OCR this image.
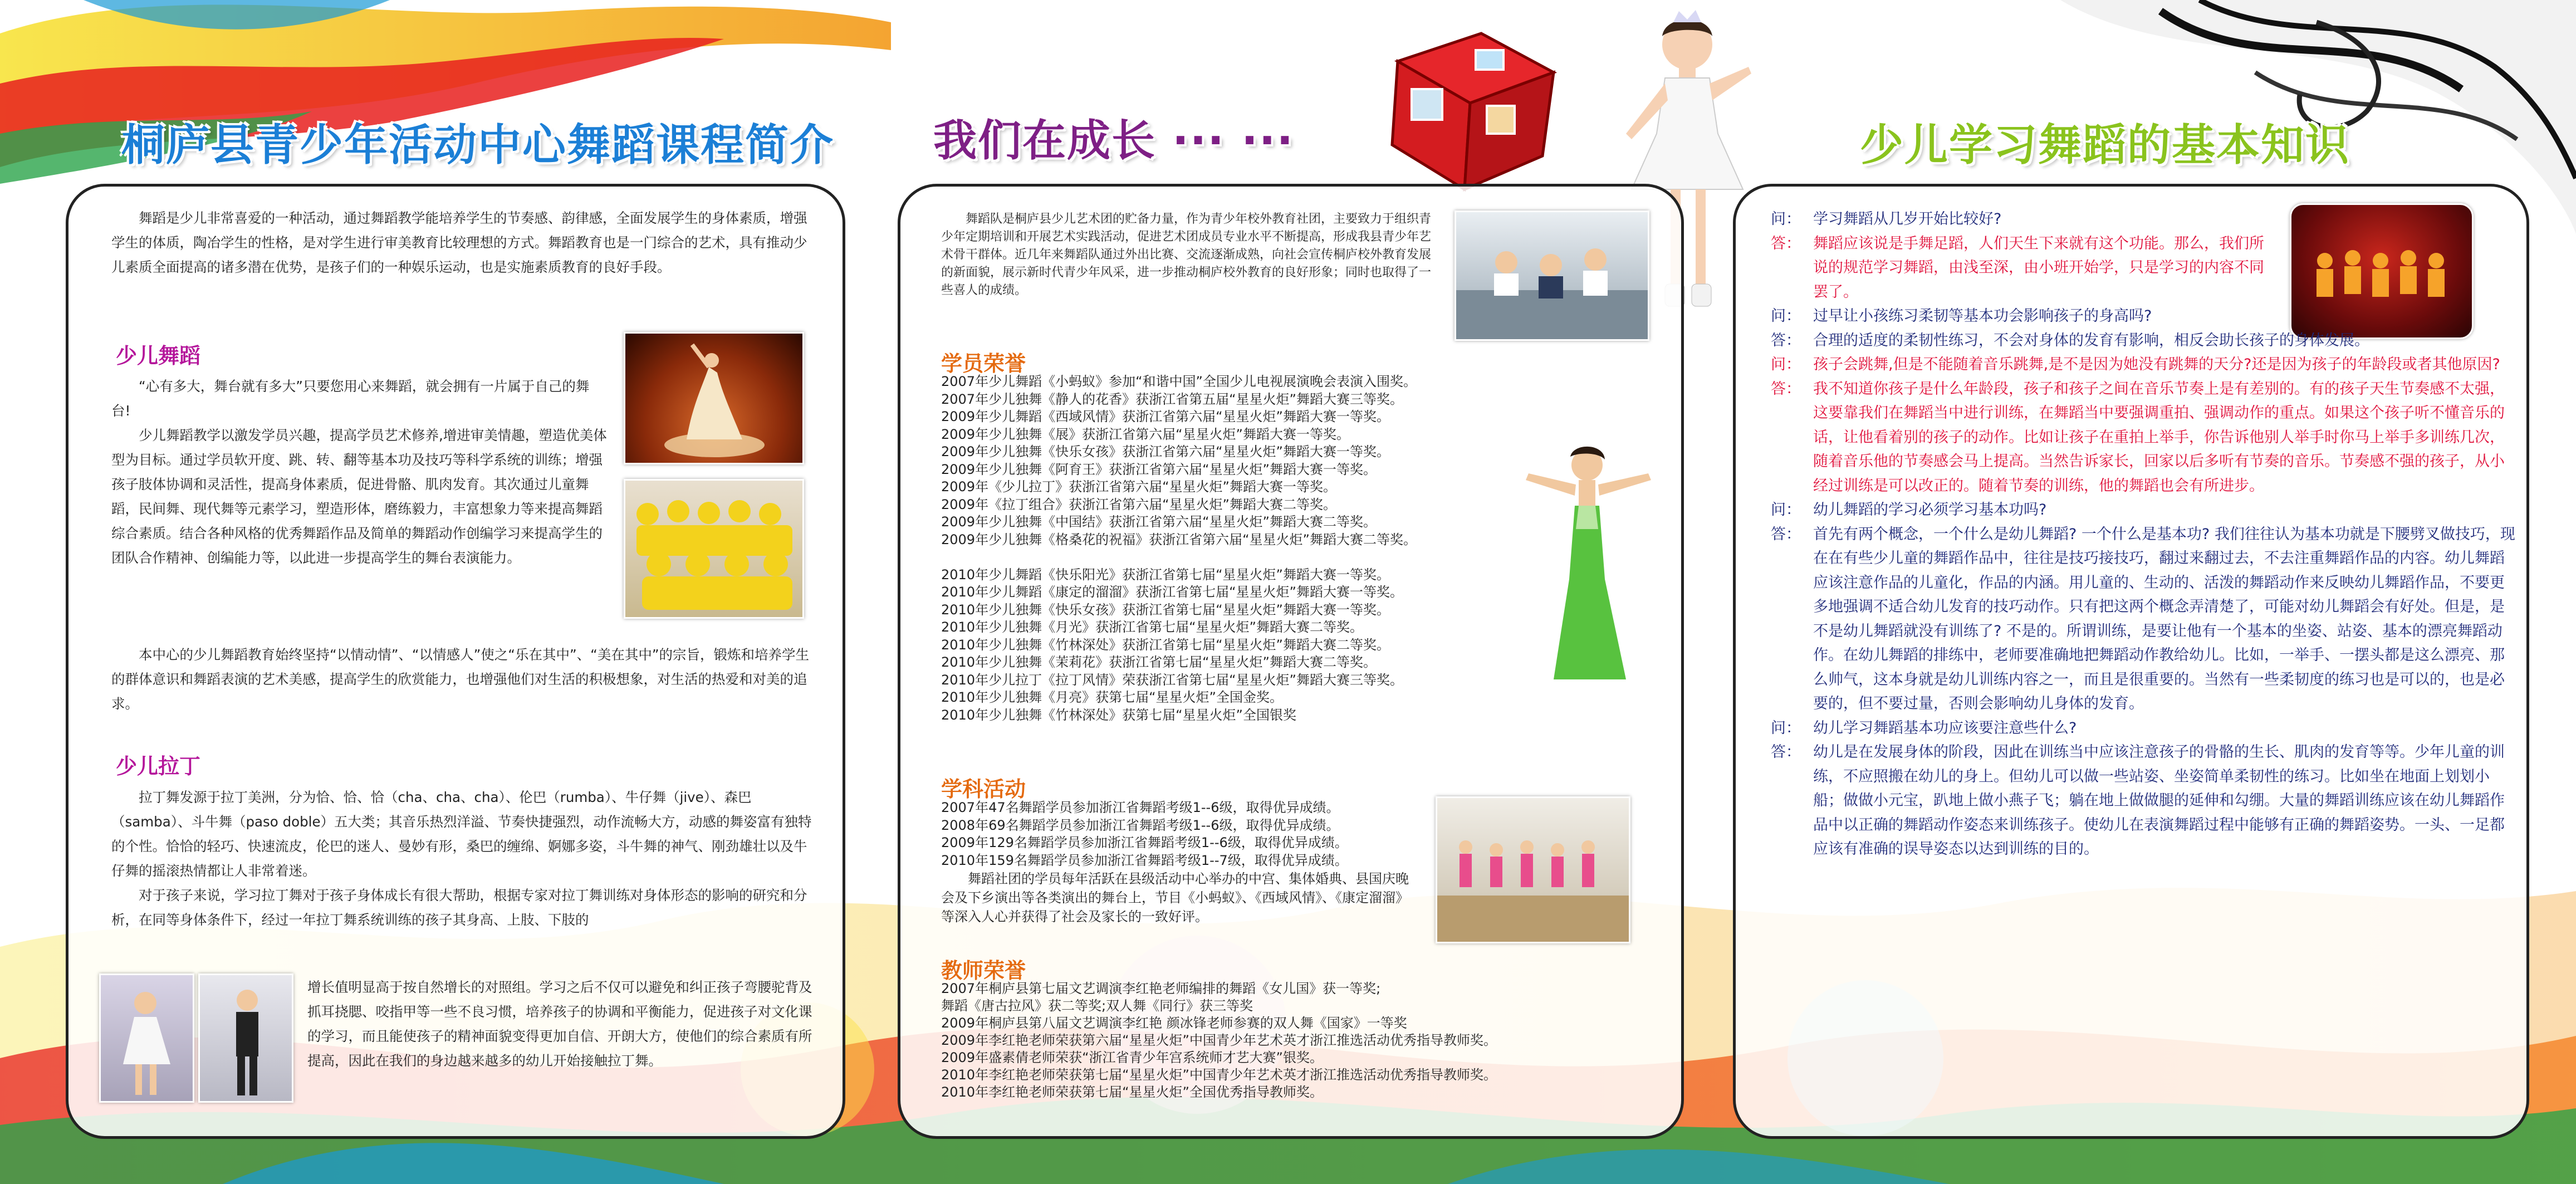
桐庐县青少年活动中心舞蹈课程简介 我们在成长 ··· ···	少儿学习舞蹈的基本知识

舞蹈是少儿非常喜爱的一种活动，通过舞蹈教学能培养学生的节奏感、韵律感，全面发展学生的身体素质，增强学生的体质，陶冶学生的性格，是对学生进行审美教育比较理想的方式。舞蹈教育也是一门综合的艺术，具有推动少儿素质全面提高的诸多潜在优势，是孩子们的一种娱乐运动，也是实施素质教育的良好手段。

少儿舞蹈

“心有多大，舞台就有多大”只要您用心来舞蹈，就会拥有一片属于自己的舞台!

少儿舞蹈教学以激发学员兴趣，提高学员艺术修养,增进审美情趣，塑造优美体型为目标。通过学员软开度、跳、转、翻等基本功及技巧等科学系统的训练；增强孩子肢体协调和灵活性，提高身体素质，促进骨骼、肌肉发育。其次通过儿童舞蹈，民间舞、现代舞等元素学习，塑造形体，磨练毅力，丰富想象力等来提高舞蹈综合素质。结合各种风格的优秀舞蹈作品及简单的舞蹈动作创编学习来提高学生的团队合作精神、创编能力等，以此进一步提高学生的舞台表演能力。

本中心的少儿舞蹈教育始终坚持“以情动情”、“以情感人”使之“乐在其中”、“美在其中”的宗旨，锻炼和培养学生的群体意识和舞蹈表演的艺术美感，提高学生的欣赏能力，也增强他们对生活的积极想象，对生活的热爱和对美的追求。

少儿拉丁

拉丁舞发源于拉丁美洲，分为恰、恰、恰（cha、cha、cha）、伦巴（rumba）、牛仔舞（jive）、森巴（samba）、斗牛舞（paso doble）五大类；其音乐热烈洋溢、节奏快捷强烈，动作流畅大方，动感的舞姿富有独特的个性。恰恰的轻巧、快速流皮，伦巴的迷人、曼妙有形，桑巴的缠绵、婀娜多姿，斗牛舞的神气、刚劲雄壮以及牛仔舞的摇滚热情都让人非常着迷。

对于孩子来说，学习拉丁舞对于孩子身体成长有很大帮助，根据专家对拉丁舞训练对身体形态的影响的研究和分析，在同等身体条件下，经过一年拉丁舞系统训练的孩子其身高、上肢、下肢的

增长值明显高于按自然增长的对照组。学习之后不仅可以避免和纠正孩子弯腰驼背及抓耳挠腮、咬指甲等一些不良习惯，培养孩子的协调和平衡能力，促进孩子对文化课的学习，而且能使孩子的精神面貌变得更加自信、开朗大方，使他们的综合素质有所提高，因此在我们的身边越来越多的幼儿开始接触拉丁舞。

舞蹈队是桐庐县少儿艺术团的贮备力量，作为青少年校外教育社团，主要致力于组织青少年定期培训和开展艺术实践活动，促进艺术团成员专业水平不断提高，形成我县青少年艺术骨干群体。近几年来舞蹈队通过外出比赛、交流逐渐成熟，向社会宣传桐庐校外教育发展的新面貌，展示新时代青少年风采，进一步推动桐庐校外教育的良好形象；同时也取得了一些喜人的成绩。

学员荣誉
2007年少儿舞蹈《小蚂蚁》参加“和谐中国”全国少儿电视展演晚会表演入围奖。
2007年少儿独舞《静人的花香》获浙江省第五届“星星火炬”舞蹈大赛三等奖。
2009年少儿舞蹈《西域风情》获浙江省第六届“星星火炬”舞蹈大赛一等奖。
2009年少儿独舞《展》获浙江省第六届“星星火炬”舞蹈大赛一等奖。
2009年少儿独舞《快乐女孩》获浙江省第六届“星星火炬”舞蹈大赛一等奖。
2009年少儿独舞《阿育王》获浙江省第六届“星星火炬”舞蹈大赛一等奖。
2009年《少儿拉丁》获浙江省第六届“星星火炬”舞蹈大赛一等奖。
2009年《拉丁组合》获浙江省第六届“星星火炬”舞蹈大赛二等奖。
2009年少儿独舞《中国结》获浙江省第六届“星星火炬”舞蹈大赛二等奖。
2009年少儿独舞《格桑花的祝福》获浙江省第六届“星星火炬”舞蹈大赛二等奖。
2010年少儿舞蹈《快乐阳光》获浙江省第七届“星星火炬”舞蹈大赛一等奖。
2010年少儿舞蹈《康定的溜溜》获浙江省第七届“星星火炬”舞蹈大赛一等奖。
2010年少儿独舞《快乐女孩》获浙江省第七届“星星火炬”舞蹈大赛一等奖。
2010年少儿独舞《月光》获浙江省第七届“星星火炬”舞蹈大赛二等奖。
2010年少儿独舞《竹林深处》获浙江省第七届“星星火炬”舞蹈大赛二等奖。
2010年少儿独舞《茉莉花》获浙江省第七届“星星火炬”舞蹈大赛二等奖。
2010年少儿拉丁《拉丁风情》荣获浙江省第七届“星星火炬”舞蹈大赛三等奖。
2010年少儿独舞《月亮》获第七届“星星火炬”全国金奖。
2010年少儿独舞《竹林深处》获第七届“星星火炬”全国银奖
学科活动
2007年47名舞蹈学员参加浙江省舞蹈考级1--6级，取得优异成绩。
2008年69名舞蹈学员参加浙江省舞蹈考级1--6级，取得优异成绩。
2009年129名舞蹈学员参加浙江省舞蹈考级1--6级，取得优异成绩。
2010年159名舞蹈学员参加浙江省舞蹈考级1--7级，取得优异成绩。

舞蹈社团的学员每年活跃在县级活动中心举办的中宫、集体婚典、县国庆晚会及下乡演出等各类演出的舞台上，节目《小蚂蚁》、《西域风情》、《康定溜溜》等深入人心并获得了社会及家长的一致好评。

教师荣誉
2007年桐庐县第七届文艺调演李红艳老师编排的舞蹈《女儿国》获一等奖;
舞蹈《唐古拉风》获二等奖;双人舞《同行》获三等奖
2009年桐庐县第八届文艺调演李红艳 颜冰锋老师参赛的双人舞《国家》一等奖
2009年李红艳老师荣获第六届“星星火炬”中国青少年艺术英才浙江推选活动优秀指导教师奖。
2009年盛素倩老师荣获“浙江省青少年宫系统师才艺大赛”银奖。
2010年李红艳老师荣获第七届“星星火炬”中国青少年艺术英才浙江推选活动优秀指导教师奖。
2010年李红艳老师荣获第七届“星星火炬”全国优秀指导教师奖。
问： 学习舞蹈从几岁开始比较好?
答： 舞蹈应该说是手舞足蹈，人们天生下来就有这个功能。那么，我们所说的规范学习舞蹈，由浅至深，由小班开始学，只是学习的内容不同罢了。
问： 过早让小孩练习柔韧等基本功会影响孩子的身高吗?
答： 合理的适度的柔韧性练习，不会对身体的发育有影响，相反会助长孩子的身体发展。
问： 孩子会跳舞,但是不能随着音乐跳舞,是不是因为她没有跳舞的天分?还是因为孩子的年龄段或者其他原因?
答： 我不知道你孩子是什么年龄段，孩子和孩子之间在音乐节奏上是有差别的。有的孩子天生节奏感不太强，这要靠我们在舞蹈当中进行训练，在舞蹈当中要强调重拍、强调动作的重点。如果这个孩子听不懂音乐的话，让他看着别的孩子的动作。比如让孩子在重拍上举手，你告诉他别人举手时你马上举手多训练几次，随着音乐他的节奏感会马上提高。当然告诉家长，回家以后多听有节奏的音乐。节奏感不强的孩子，从小经过训练是可以改正的。随着节奏的训练，他的舞蹈也会有所进步。
问： 幼儿舞蹈的学习必须学习基本功吗?
答： 首先有两个概念，一个什么是幼儿舞蹈? 一个什么是基本功? 我们往往认为基本功就是下腰劈叉做技巧，现在在有些少儿童的舞蹈作品中，往往是技巧接技巧，翻过来翻过去，不去注重舞蹈作品的内容。幼儿舞蹈应该注意作品的儿童化，作品的内涵。用儿童的、生动的、活泼的舞蹈动作来反映幼儿舞蹈作品，不要更多地强调不适合幼儿发育的技巧动作。只有把这两个概念弄清楚了，可能对幼儿舞蹈会有好处。但是，是不是幼儿舞蹈就没有训练了? 不是的。所谓训练，是要让他有一个基本的坐姿、站姿、基本的漂亮舞蹈动作。在幼儿舞蹈的排练中，老师要准确地把舞蹈动作教给幼儿。比如，一举手、一摆头都是这么漂亮、那么帅气，这本身就是幼儿训练内容之一，而且是很重要的。当然有一些柔韧度的练习也是可以的，也是必要的，但不要过量，否则会影响幼儿身体的发育。
问： 幼儿学习舞蹈基本功应该要注意些什么?
答： 幼儿是在发展身体的阶段，因此在训练当中应该注意孩子的骨骼的生长、肌肉的发育等等。少年儿童的训练，不应照搬在幼儿的身上。但幼儿可以做一些站姿、坐姿简单柔韧性的练习。比如坐在地面上划划小船；做做小元宝，趴地上做小燕子飞；躺在地上做做腿的延伸和勾绷。大量的舞蹈训练应该在幼儿舞蹈作品中以正确的舞蹈动作姿态来训练孩子。使幼儿在表演舞蹈过程中能够有正确的舞蹈姿势。一头、一足都应该有准确的误导姿态以达到训练的目的。
